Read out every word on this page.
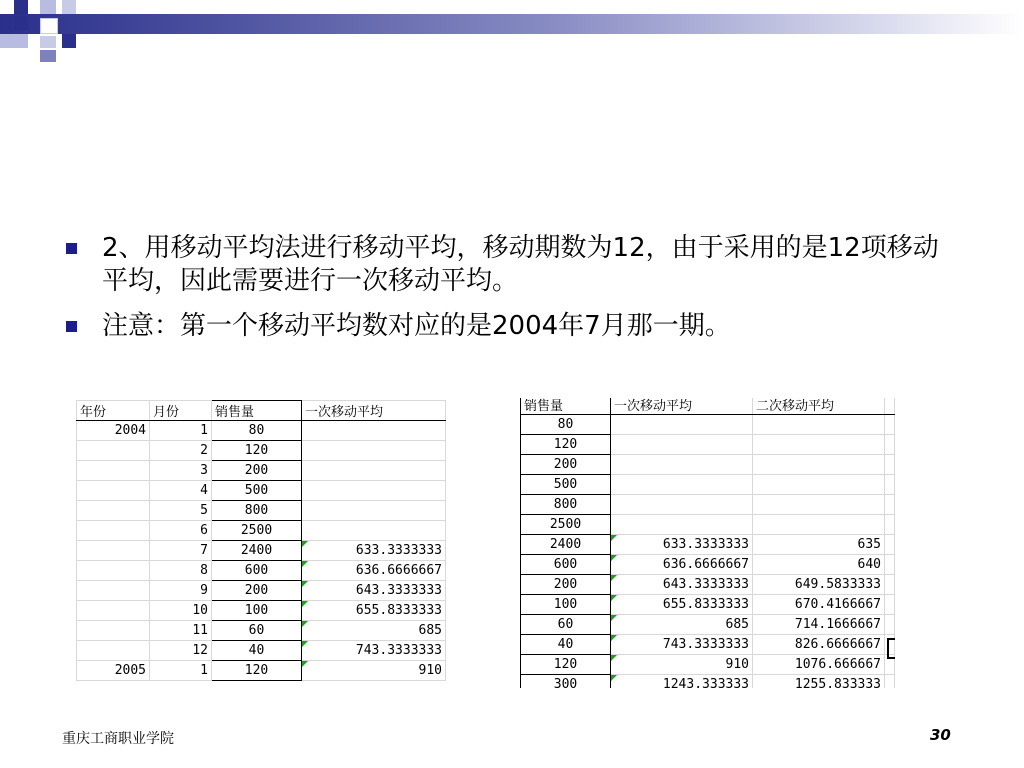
2、用移动平均法进行移动平均，移动期数为12，由于采用的是12项移动平均，因此需要进行一次移动平均。
注意：第一个移动平均数对应的是2004年7月那一期。
年份	月份	销售量	一次移动平均
2004	1	80	
	2	120	
	3	200	
	4	500	
	5	800	
	6	2500	
	7	2400	633.3333333
	8	600	636.6666667
	9	200	643.3333333
	10	100	655.8333333
	11	60	685
	12	40	743.3333333
2005	1	120	910
销售量	一次移动平均	二次移动平均	
80			
120			
200			
500			
800			
2500			
2400	633.3333333	635	
600	636.6666667	640	
200	643.3333333	649.5833333	
100	655.8333333	670.4166667	
60	685	714.1666667	
40	743.3333333	826.6666667	
120	910	1076.666667	
300	1243.333333	1255.833333	
重庆工商职业学院	30
